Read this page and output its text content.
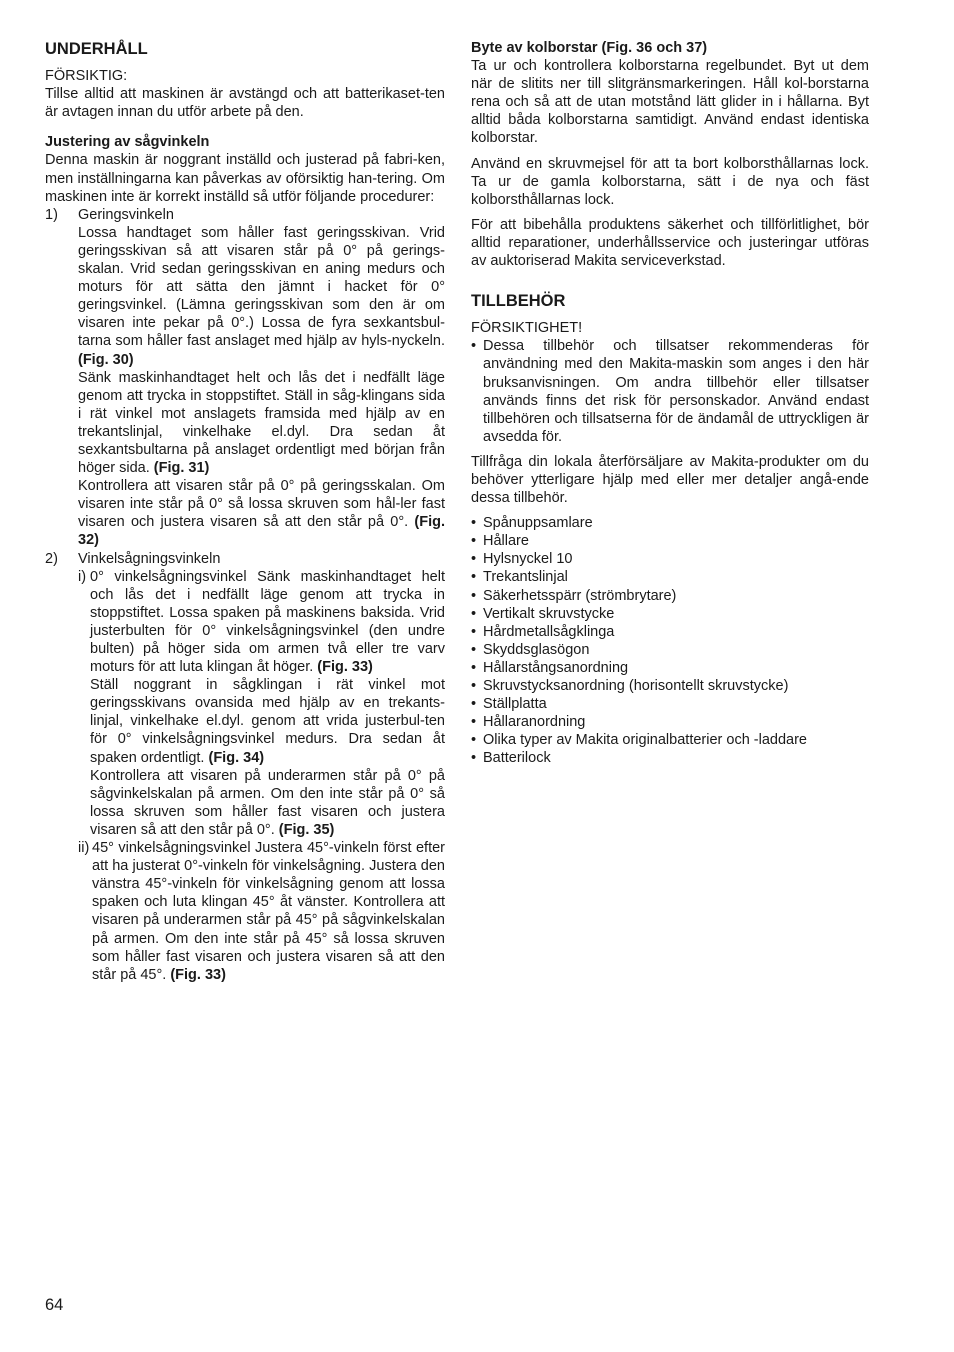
UNDERHÅLL

FÖRSIKTIG:

Tillse alltid att maskinen är avstängd och att batterikaset-ten är avtagen innan du utför arbete på den.

Justering av sågvinkeln

Denna maskin är noggrant inställd och justerad på fabri-ken, men inställningarna kan påverkas av oförsiktig han-tering. Om maskinen inte är korrekt inställd så utför följande procedurer:

1)	Geringsvinkeln

Lossa handtaget som håller fast geringsskivan. Vrid geringsskivan så att visaren står på 0° på gerings-skalan. Vrid sedan geringsskivan en aning medurs och moturs för att sätta den jämnt i hacket för 0° geringsvinkel. (Lämna geringsskivan som den är om visaren inte pekar på 0°.) Lossa de fyra sexkantsbul-tarna som håller fast anslaget med hjälp av hyls-nyckeln. (Fig. 30)

Sänk maskinhandtaget helt och lås det i nedfällt läge genom att trycka in stoppstiftet. Ställ in såg-klingans sida i rät vinkel mot anslagets framsida med hjälp av en trekantslinjal, vinkelhake el.dyl. Dra sedan åt sexkantsbultarna på anslaget ordentligt med början från höger sida. (Fig. 31)

Kontrollera att visaren står på 0° på geringsskalan. Om visaren inte står på 0° så lossa skruven som hål-ler fast visaren och justera visaren så att den står på 0°. (Fig. 32)

2)	Vinkelsågningsvinkeln

i) 0° vinkelsågningsvinkel Sänk maskinhandtaget helt och lås det i nedfällt läge genom att trycka in stoppstiftet. Lossa spaken på maskinens baksida. Vrid justerbulten för 0° vinkelsågningsvinkel (den undre bulten) på höger sida om armen två eller tre varv moturs för att luta klingan åt höger. (Fig. 33)

Ställ noggrant in sågklingan i rät vinkel mot geringsskivans ovansida med hjälp av en trekants-linjal, vinkelhake el.dyl. genom att vrida justerbul-ten för 0° vinkelsågningsvinkel medurs. Dra sedan åt spaken ordentligt. (Fig. 34)

Kontrollera att visaren på underarmen står på 0° på sågvinkelskalan på armen. Om den inte står på 0° så lossa skruven som håller fast visaren och justera visaren så att den står på 0°. (Fig. 35)

ii) 45° vinkelsågningsvinkel Justera 45°-vinkeln först efter att ha justerat 0°-vinkeln för vinkelsågning. Justera den vänstra 45°-vinkeln för vinkelsågning genom att lossa spaken och luta klingan 45° åt vänster. Kontrollera att visaren på underarmen står på 45° på sågvinkelskalan på armen. Om den inte står på 45° så lossa skruven som håller fast visaren och justera visaren så att den står på 45°. (Fig. 33)

Byte av kolborstar (Fig. 36 och 37)

Ta ur och kontrollera kolborstarna regelbundet. Byt ut dem när de slitits ner till slitgränsmarkeringen. Håll kol-borstarna rena och så att de utan motstånd lätt glider in i hållarna. Byt alltid båda kolborstarna samtidigt. Använd endast identiska kolborstar.

Använd en skruvmejsel för att ta bort kolborsthållarnas lock. Ta ur de gamla kolborstarna, sätt i de nya och fäst kolborsthållarnas lock.

För att bibehålla produktens säkerhet och tillförlitlighet, bör alltid reparationer, underhållsservice och justeringar utföras av auktoriserad Makita serviceverkstad.

TILLBEHÖR

FÖRSIKTIGHET!

• Dessa tillbehör och tillsatser rekommenderas för användning med den Makita-maskin som anges i den här bruksanvisningen. Om andra tillbehör eller tillsatser används finns det risk för personskador. Använd endast tillbehören och tillsatserna för de ändamål de uttryckligen är avsedda för.

Tillfråga din lokala återförsäljare av Makita-produkter om du behöver ytterligare hjälp med eller mer detaljer angå-ende dessa tillbehör.

• Spånuppsamlare
• Hållare
• Hylsnyckel 10
• Trekantslinjal
• Säkerhetsspärr (strömbrytare)
• Vertikalt skruvstycke
• Hårdmetallsågklinga
• Skyddsglasögon
• Hållarstångsanordning
• Skruvstycksanordning (horisontellt skruvstycke)
• Ställplatta
• Hållaranordning
• Olika typer av Makita originalbatterier och -laddare
• Batterilock
64
